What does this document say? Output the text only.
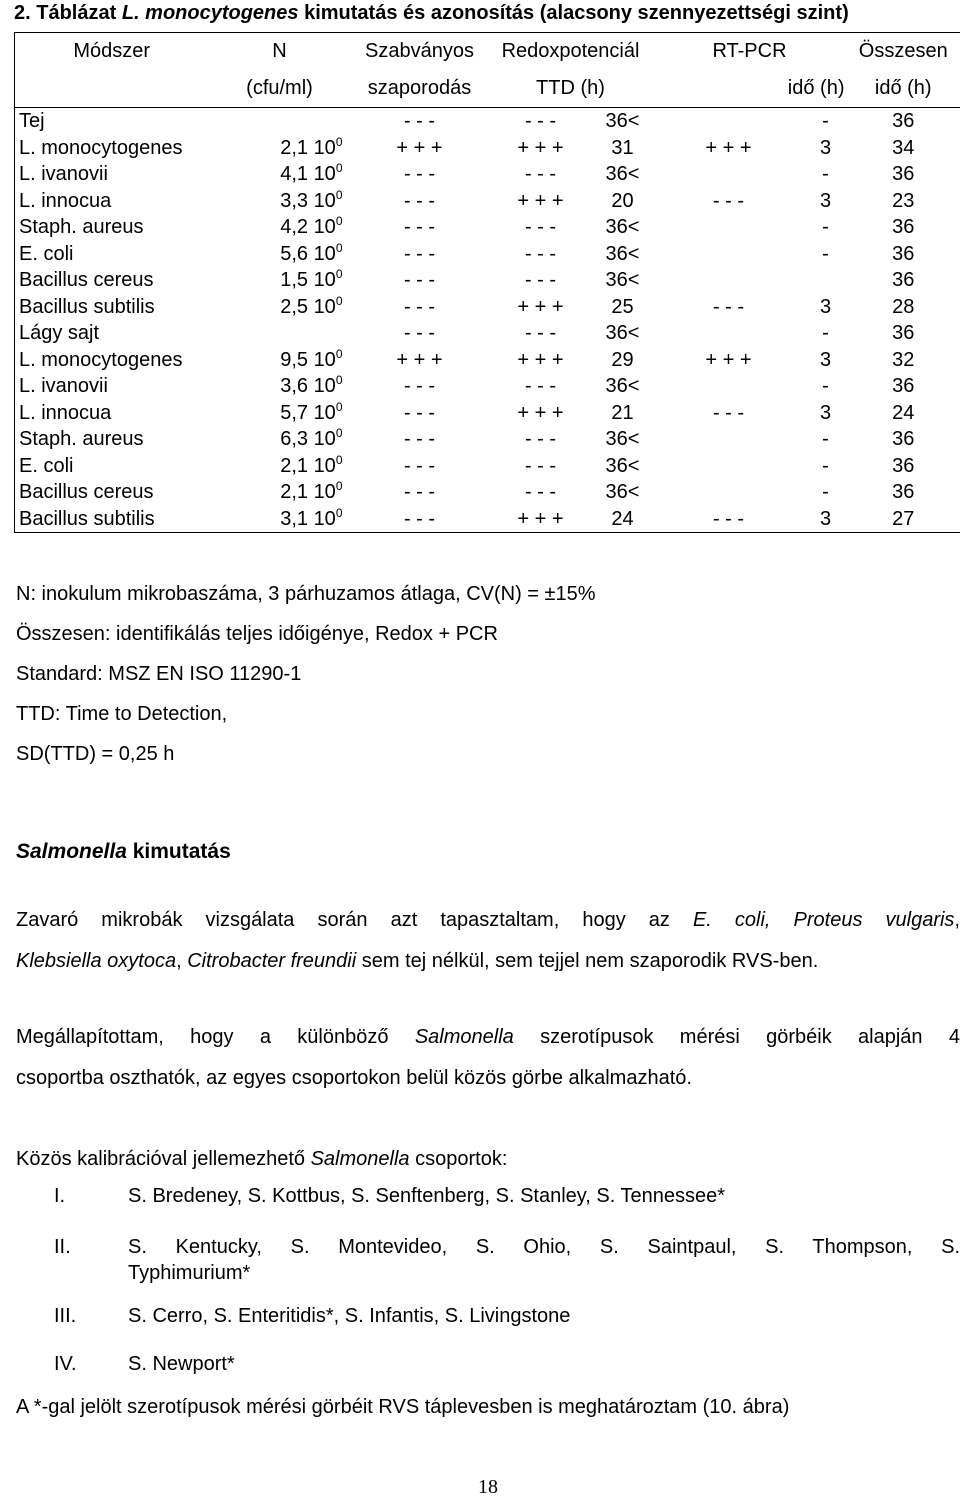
2. Táblázat L. monocytogenes kimutatás és azonosítás (alacsony szennyezettségi szint)
Módszer	N	Szabványos	Redoxpotenciál		RT-PCR		Összesen
	(cfu/ml)	szaporodás	TTD (h)		idő (h)		idő (h)
Tej		- - -	- - -	36<		-	36
L. monocytogenes	2,1 $10^0$	+ + +	+ + +	31	+ + +	3	34
L. ivanovii	4,1 $10^0$	- - -	- - -	36<		-	36
L. innocua	3,3 $10^0$	- - -	+ + +	20	- - -	3	23
Staph. aureus	4,2 $10^0$	- - -	- - -	36<		-	36
E. coli	5,6 $10^0$	- - -	- - -	36<		-	36
Bacillus cereus	1,5 $10^0$	- - -	- - -	36<			36
Bacillus subtilis	2,5 $10^0$	- - -	+ + +	25	- - -	3	28
Lágy sajt		- - -	- - -	36<		-	36
L. monocytogenes	9,5 $10^0$	+ + +	+ + +	29	+ + +	3	32
L. ivanovii	3,6 $10^0$	- - -	- - -	36<		-	36
L. innocua	5,7 $10^0$	- - -	+ + +	21	- - -	3	24
Staph. aureus	6,3 $10^0$	- - -	- - -	36<		-	36
E. coli	2,1 $10^0$	- - -	- - -	36<		-	36
Bacillus cereus	2,1 $10^0$	- - -	- - -	36<		-	36
Bacillus subtilis	3,1 $10^0$	- - -	+ + +	24	- - -	3	27
N: inokulum mikrobaszáma, 3 párhuzamos átlaga, CV(N) = ±15%
Összesen: identifikálás teljes időigénye, Redox + PCR
Standard: MSZ EN ISO 11290-1
TTD: Time to Detection,
SD(TTD) = 0,25 h
Salmonella kimutatás
Zavaró mikrobák vizsgálata során azt tapasztaltam, hogy az E. coli, Proteus vulgaris,
Klebsiella oxytoca, Citrobacter freundii sem tej nélkül, sem tejjel nem szaporodik RVS-ben.
Megállapítottam, hogy a különböző Salmonella szerotípusok mérési görbéik alapján 4
csoportba oszthatók, az egyes csoportokon belül közös görbe alkalmazható.
Közös kalibrációval jellemezhető Salmonella csoportok:
I.	S. Bredeney, S. Kottbus, S. Senftenberg, S. Stanley, S. Tennessee*
II.	S. Kentucky, S. Montevideo, S. Ohio, S. Saintpaul, S. Thompson, S.
Typhimurium*
III.	S. Cerro, S. Enteritidis*, S. Infantis, S. Livingstone
IV.	S. Newport*
A *-gal jelölt szerotípusok mérési görbéit RVS táplevesben is meghatároztam (10. ábra)
18
